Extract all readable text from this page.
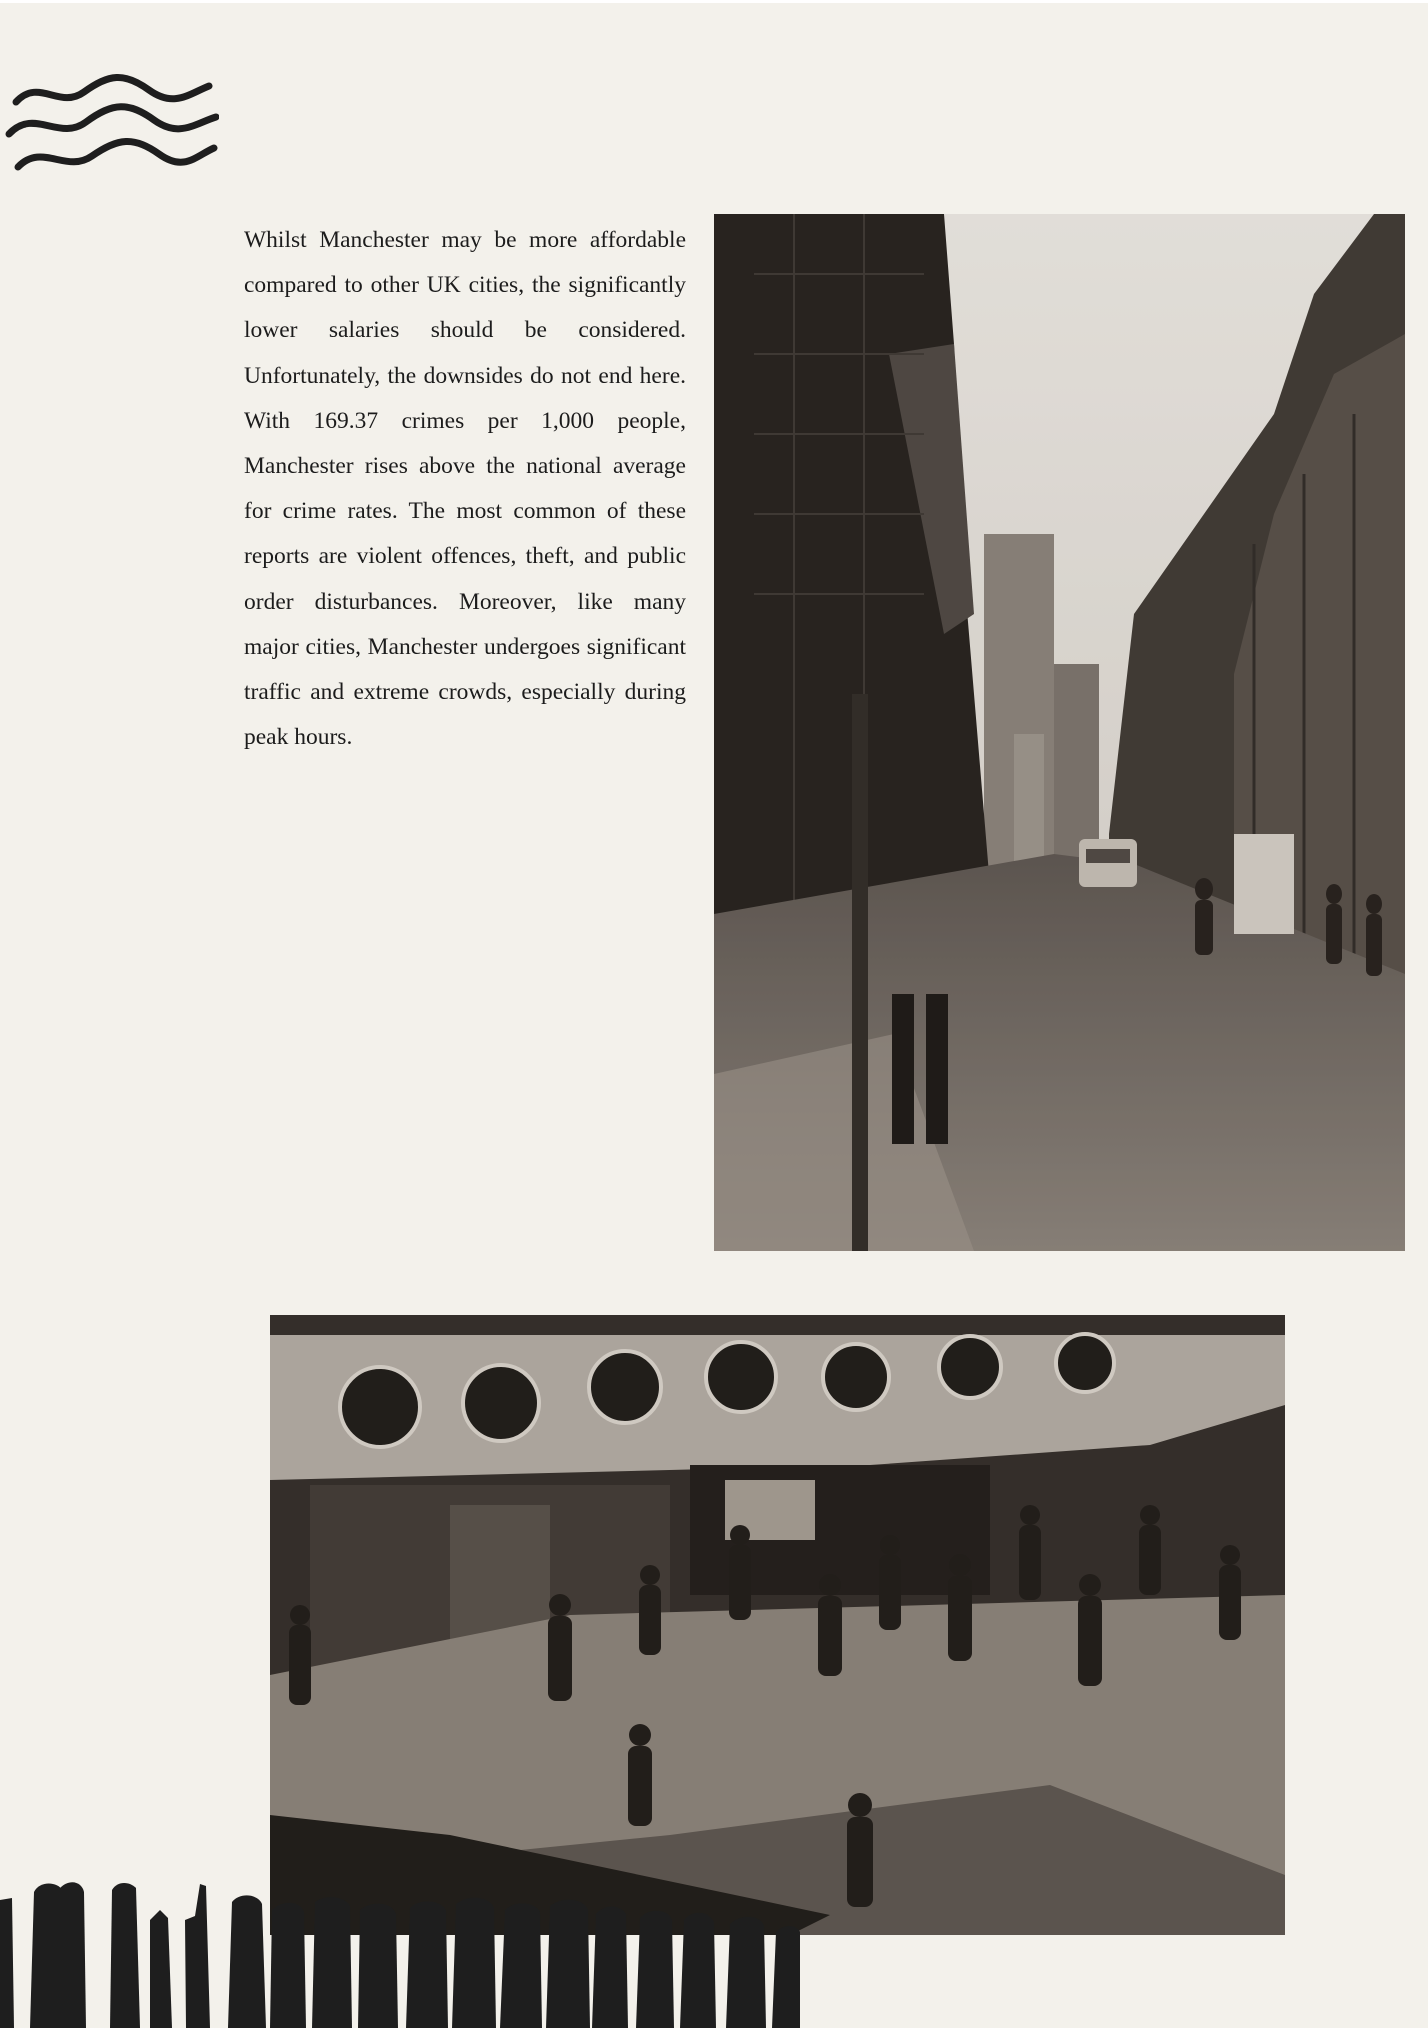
Whilst Manchester may be more affordable compared to other UK cities, the significantly lower salaries should be considered. Unfortunately, the downsides do not end here. With 169.37 crimes per 1,000 people, Manchester rises above the national average for crime rates. The most common of these reports are violent offences, theft, and public order disturbances. Moreover, like many major cities, Manchester undergoes significant traffic and extreme crowds, especially during peak hours.
